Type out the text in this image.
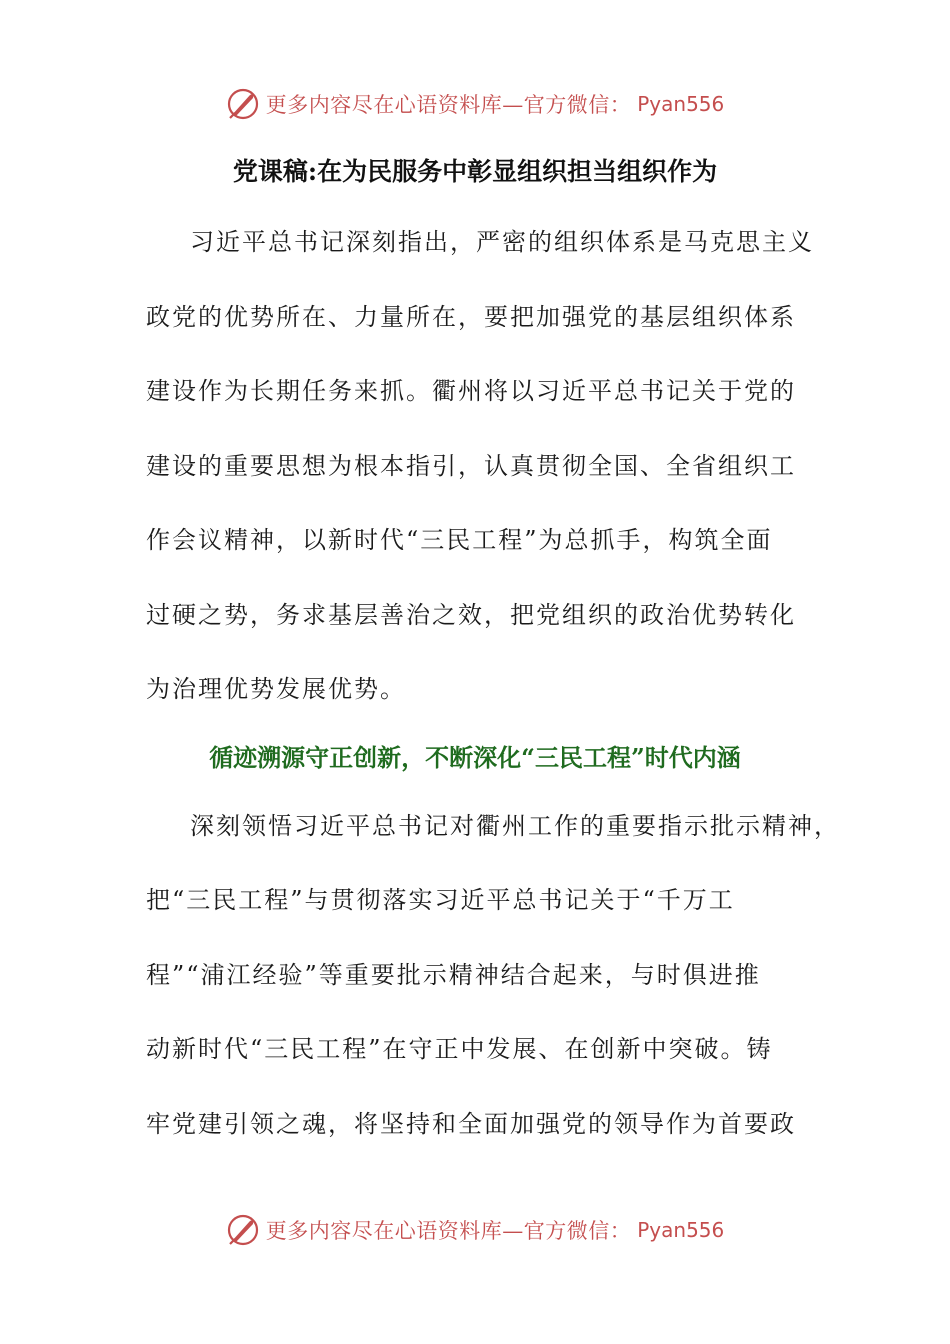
更多内容尽在心语资料库—官方微信： Pyan556
党课稿:在为民服务中彰显组织担当组织作为

习近平总书记深刻指出，严密的组织体系是马克思主义

政党的优势所在、力量所在，要把加强党的基层组织体系

建设作为长期任务来抓。衢州将以习近平总书记关于党的

建设的重要思想为根本指引，认真贯彻全国、全省组织工

作会议精神，以新时代“三民工程”为总抓手，构筑全面

过硬之势，务求基层善治之效，把党组织的政治优势转化

为治理优势发展优势。

循迹溯源守正创新，不断深化“三民工程”时代内涵

深刻领悟习近平总书记对衢州工作的重要指示批示精神，

把“三民工程”与贯彻落实习近平总书记关于“千万工

程”“浦江经验”等重要批示精神结合起来，与时俱进推

动新时代“三民工程”在守正中发展、在创新中突破。铸

牢党建引领之魂，将坚持和全面加强党的领导作为首要政

更多内容尽在心语资料库—官方微信： Pyan556
